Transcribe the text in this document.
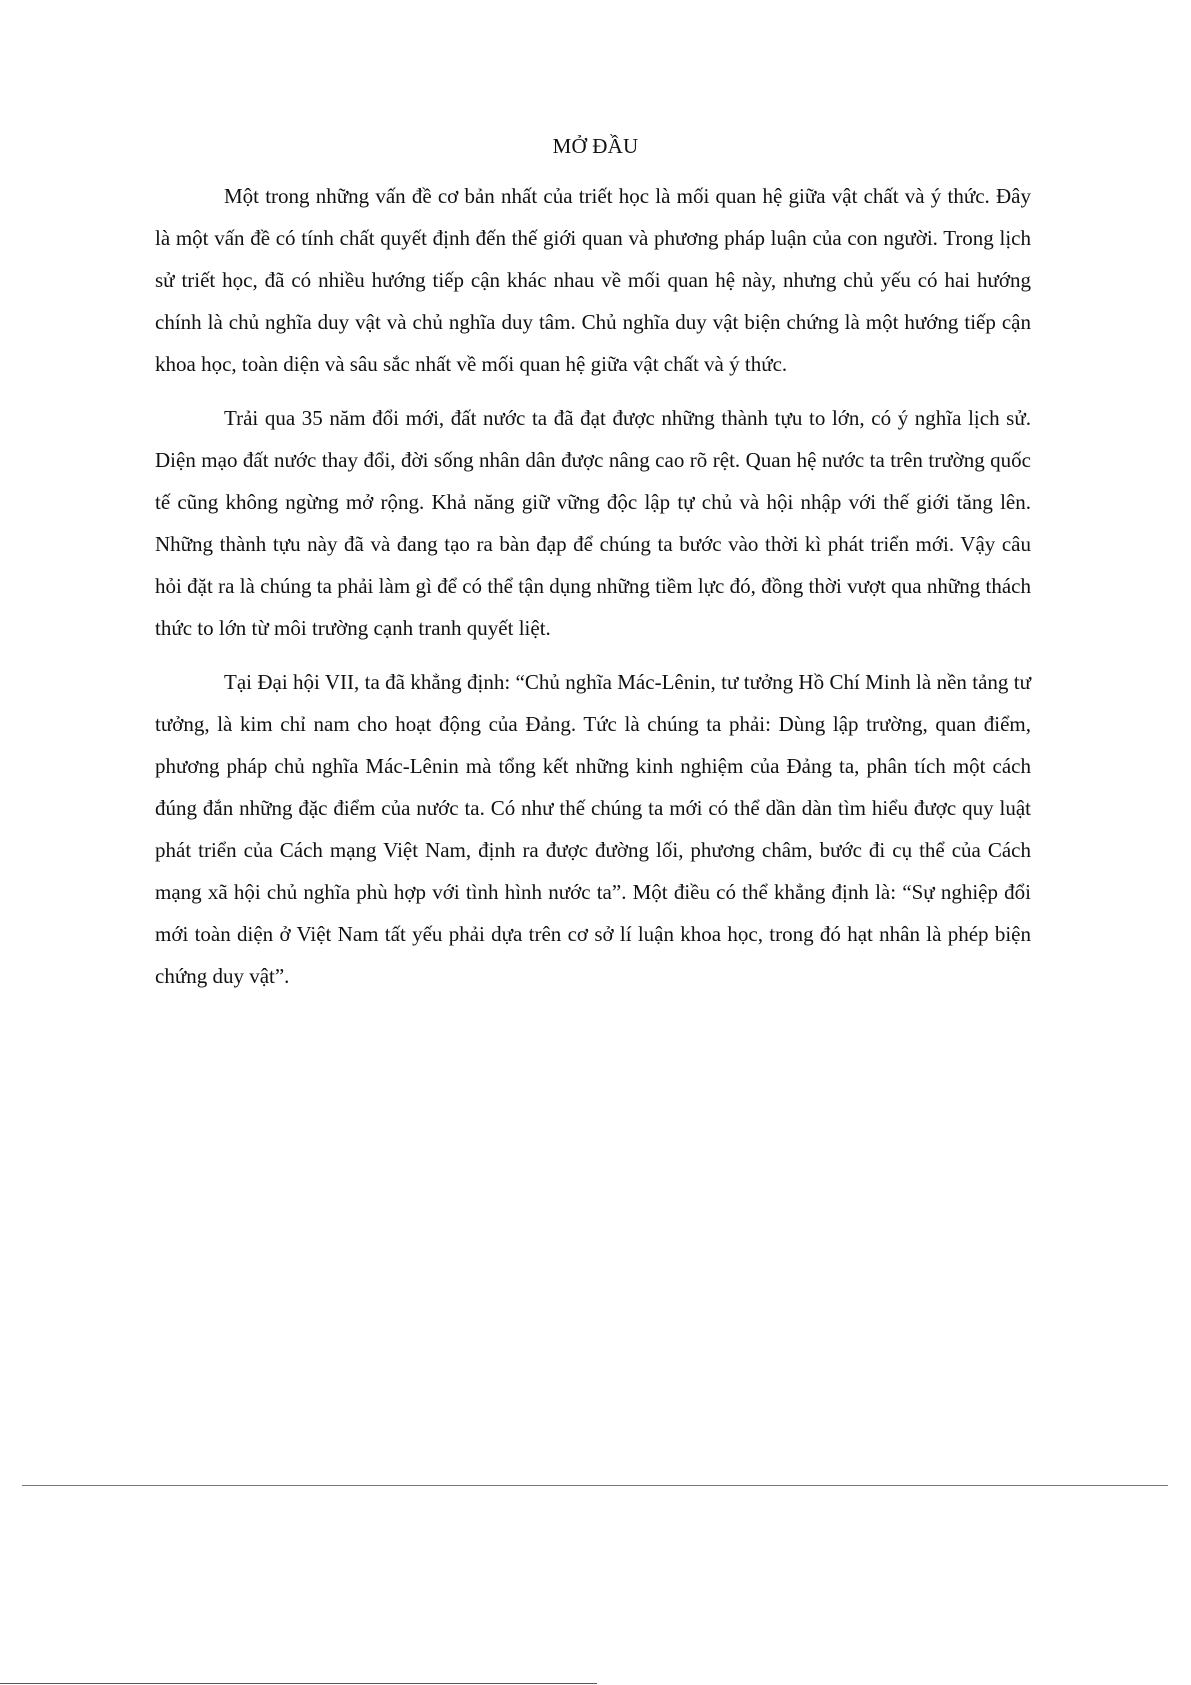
MỞ ĐẦU

Một trong những vấn đề cơ bản nhất của triết học là mối quan hệ giữa vật chất và ý thức. Đây là một vấn đề có tính chất quyết định đến thế giới quan và phương pháp luận của con người. Trong lịch sử triết học, đã có nhiều hướng tiếp cận khác nhau về mối quan hệ này, nhưng chủ yếu có hai hướng chính là chủ nghĩa duy vật và chủ nghĩa duy tâm. Chủ nghĩa duy vật biện chứng là một hướng tiếp cận khoa học, toàn diện và sâu sắc nhất về mối quan hệ giữa vật chất và ý thức.

Trải qua 35 năm đổi mới, đất nước ta đã đạt được những thành tựu to lớn, có ý nghĩa lịch sử. Diện mạo đất nước thay đổi, đời sống nhân dân được nâng cao rõ rệt. Quan hệ nước ta trên trường quốc tế cũng không ngừng mở rộng. Khả năng giữ vững độc lập tự chủ và hội nhập với thế giới tăng lên. Những thành tựu này đã và đang tạo ra bàn đạp để chúng ta bước vào thời kì phát triển mới. Vậy câu hỏi đặt ra là chúng ta phải làm gì để có thể tận dụng những tiềm lực đó, đồng thời vượt qua những thách thức to lớn từ môi trường cạnh tranh quyết liệt.

Tại Đại hội VII, ta đã khẳng định: “Chủ nghĩa Mác-Lênin, tư tưởng Hồ Chí Minh là nền tảng tư tưởng, là kim chỉ nam cho hoạt động của Đảng. Tức là chúng ta phải: Dùng lập trường, quan điểm, phương pháp chủ nghĩa Mác-Lênin mà tổng kết những kinh nghiệm của Đảng ta, phân tích một cách đúng đắn những đặc điểm của nước ta. Có như thế chúng ta mới có thể dần dàn tìm hiểu được quy luật phát triển của Cách mạng Việt Nam, định ra được đường lối, phương châm, bước đi cụ thể của Cách mạng xã hội chủ nghĩa phù hợp với tình hình nước ta”. Một điều có thể khẳng định là: “Sự nghiệp đổi mới toàn diện ở Việt Nam tất yếu phải dựa trên cơ sở lí luận khoa học, trong đó hạt nhân là phép biện chứng duy vật”.
